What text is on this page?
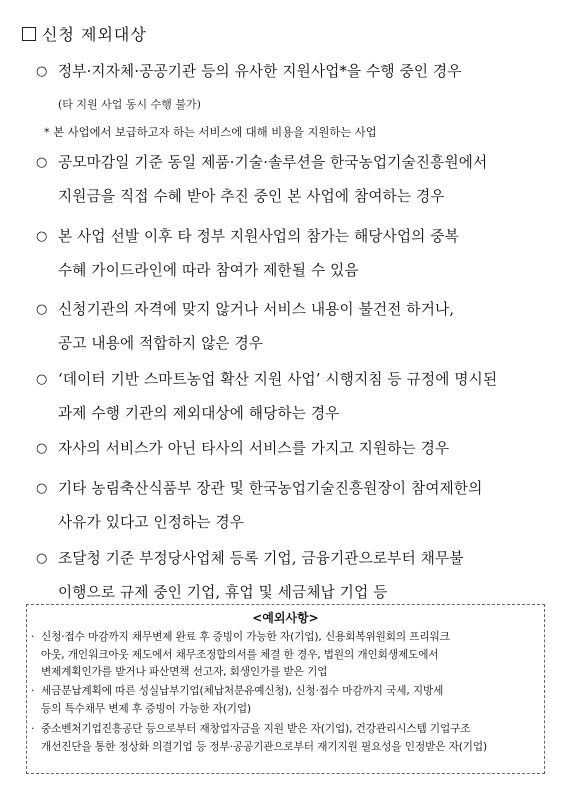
신청 제외대상
○ 정부·지자체·공공기관 등의 유사한 지원사업*을 수행 중인 경우
(타 지원 사업 동시 수행 불가)
* 본 사업에서 보급하고자 하는 서비스에 대해 비용을 지원하는 사업
○ 공모마감일 기준 동일 제품·기술·솔루션을 한국농업기술진흥원에서
지원금을 직접 수혜 받아 추진 중인 본 사업에 참여하는 경우
○ 본 사업 선발 이후 타 정부 지원사업의 참가는 해당사업의 중복
수혜 가이드라인에 따라 참여가 제한될 수 있음
○ 신청기관의 자격에 맞지 않거나 서비스 내용이 불건전 하거나,
공고 내용에 적합하지 않은 경우
○ ‘데이터 기반 스마트농업 확산 지원 사업’ 시행지침 등 규정에 명시된
과제 수행 기관의 제외대상에 해당하는 경우
○ 자사의 서비스가 아닌 타사의 서비스를 가지고 지원하는 경우
○ 기타 농림축산식품부 장관 및 한국농업기술진흥원장이 참여제한의
사유가 있다고 인정하는 경우
○ 조달청 기준 부정당사업체 등록 기업, 금융기관으로부터 채무불
이행으로 규제 중인 기업, 휴업 및 세금체납 기업 등
<예외사항>
· 신청·접수 마감까지 채무변제 완료 후 증빙이 가능한 자(기업), 신용회복위원회의 프리워크
아웃, 개인워크아웃 제도에서 채무조정합의서를 체결 한 경우, 법원의 개인회생제도에서
변제계획인가를 받거나 파산면책 선고자, 회생인가를 받은 기업
· 세금분납계획에 따른 성실납부기업(체납처분유예신청), 신청·접수 마감까지 국세, 지방세
등의 특수채무 변제 후 증빙이 가능한 자(기업)
· 중소벤처기업진흥공단 등으로부터 재창업자금을 지원 받은 자(기업), 건강관리시스템 기업구조
개선진단을 통한 정상화 의결기업 등 정부·공공기관으로부터 재기지원 필요성을 인정받은 자(기업)
